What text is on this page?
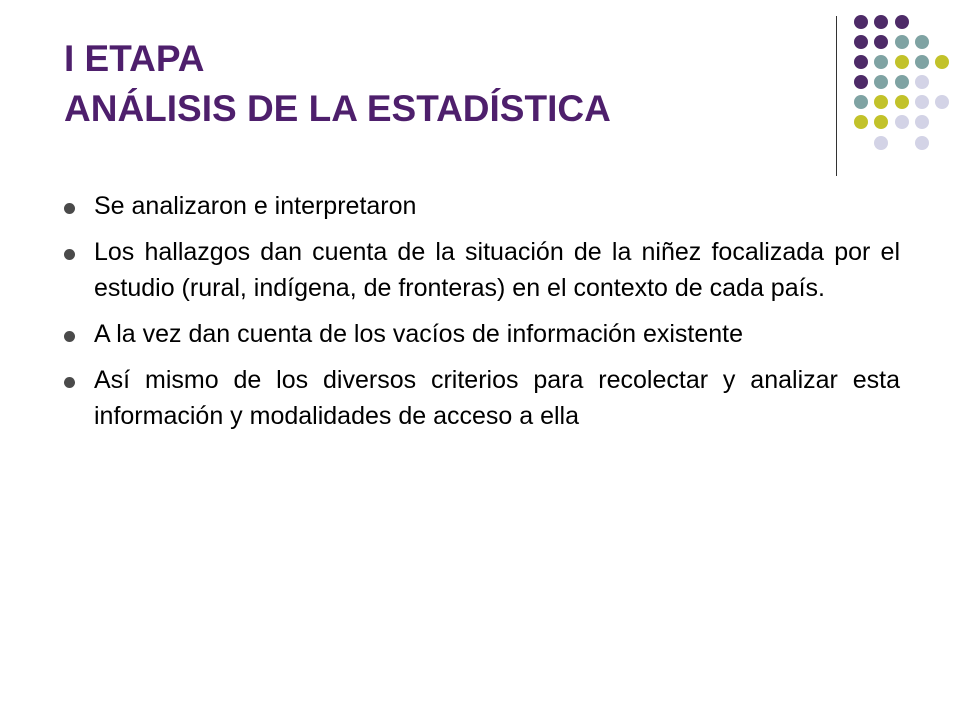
I ETAPA
ANÁLISIS DE LA ESTADÍSTICA
Se analizaron e interpretaron
Los hallazgos dan cuenta de la situación de la niñez focalizada por el estudio (rural, indígena, de fronteras) en el contexto de cada país.
A la vez dan cuenta de los vacíos de información existente
Así mismo de los diversos criterios para recolectar y analizar esta información y modalidades de acceso a ella
